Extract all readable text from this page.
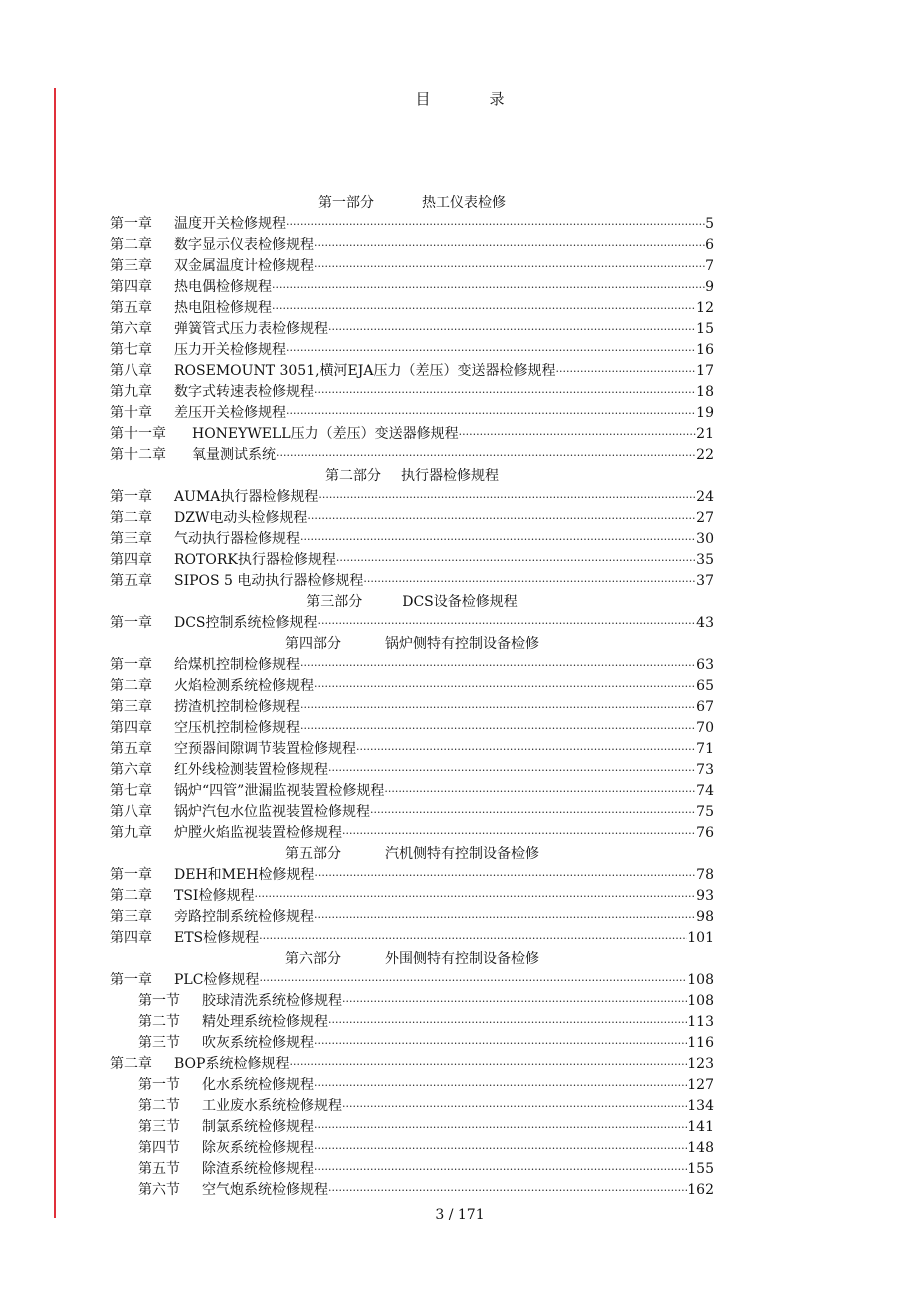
目　录
第一部分	热工仪表检修
第一章	温度开关检修规程 ·····	5
第二章	数字显示仪表检修规程 ·····	6
第三章	双金属温度计检修规程 ·····	7
第四章	热电偶检修规程 ·····	9
第五章	热电阻检修规程 ·····	12
第六章	弹簧管式压力表检修规程 ·····	15
第七章	压力开关检修规程 ·····	16
第八章	ROSEMOUNT 3051,横河EJA压力（差压）变送器检修规程 ·····	17
第九章	数字式转速表检修规程 ·····	18
第十章	差压开关检修规程 ·····	19
第十一章	HONEYWELL压力（差压）变送器修规程 ·····	21
第十二章	氧量测试系统 ·····	22
第二部分 执行器检修规程
第一章	AUMA执行器检修规程 ·····	24
第二章	DZW电动头检修规程 ·····	27
第三章	气动执行器检修规程 ·····	30
第四章	ROTORK执行器检修规程 ·····	35
第五章	SIPOS 5 电动执行器检修规程 ·····	37
第三部分	DCS设备检修规程
第一章	DCS控制系统检修规程 ·····	43
第四部分	锅炉侧特有控制设备检修
第一章	给煤机控制检修规程 ·····	63
第二章	火焰检测系统检修规程 ·····	65
第三章	捞渣机控制检修规程 ·····	67
第四章	空压机控制检修规程 ·····	70
第五章	空预器间隙调节装置检修规程 ·····	71
第六章	红外线检测装置检修规程 ·····	73
第七章	锅炉“四管”泄漏监视装置检修规程 ·····	74
第八章	锅炉汽包水位监视装置检修规程 ·····	75
第九章	炉膛火焰监视装置检修规程 ·····	76
第五部分	汽机侧特有控制设备检修
第一章	DEH和MEH检修规程 ·····	78
第二章	TSI检修规程 ·····	93
第三章	旁路控制系统检修规程 ·····	98
第四章	ETS检修规程 ·····	101
第六部分	外围侧特有控制设备检修
第一章	PLC检修规程 ·····	108
第一节	胶球清洗系统检修规程 ·····	108
第二节	精处理系统检修规程 ·····	113
第三节	吹灰系统检修规程 ·····	116
第二章	BOP系统检修规程 ·····	123
第一节	化水系统检修规程 ·····	127
第二节	工业废水系统检修规程 ·····	134
第三节	制氯系统检修规程 ·····	141
第四节	除灰系统检修规程 ·····	148
第五节	除渣系统检修规程 ·····	155
第六节	空气炮系统检修规程 ·····	162
3 / 171
